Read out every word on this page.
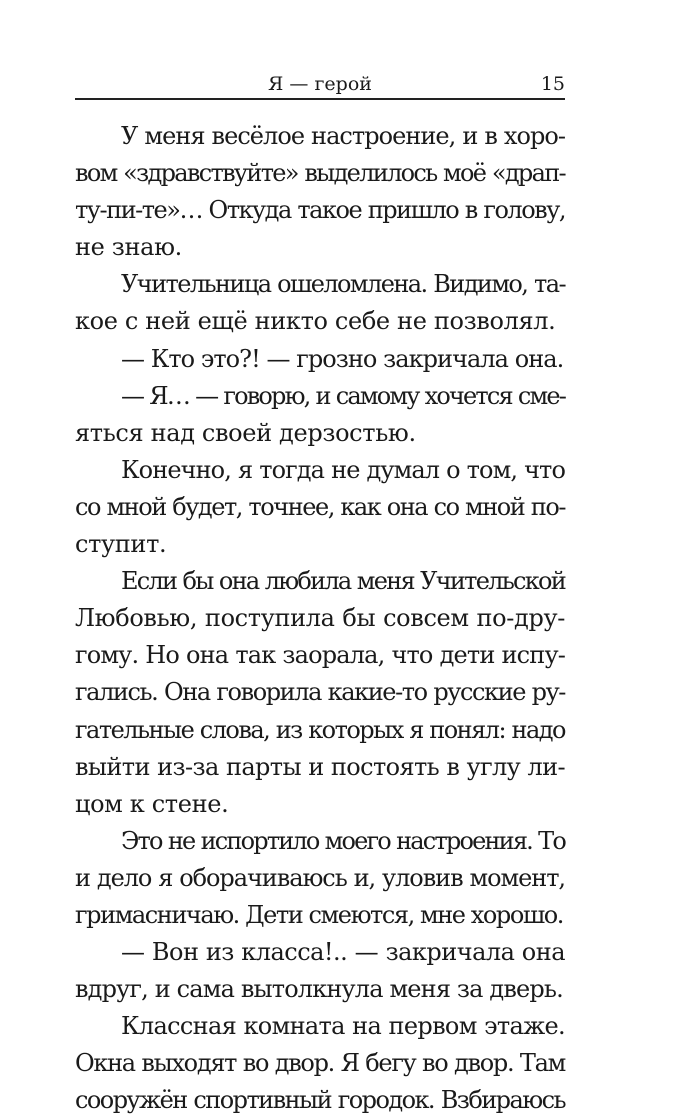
Я — герой	15
У меня весёлое настроение, и в хоро-
вом «здравствуйте» выделилось моё «драп-
ту-пи-те»… Откуда такое пришло в голову,
не знаю.
Учительница ошеломлена. Видимо, та-
кое с ней ещё никто себе не позволял.
— Кто это?! — грозно закричала она.
— Я… — говорю, и самому хочется сме-
яться над своей дерзостью.
Конечно, я тогда не думал о том, что
со мной будет, точнее, как она со мной по-
ступит.
Если бы она любила меня Учительской
Любовью, поступила бы совсем по-дру-
гому. Но она так заорала, что дети испу-
гались. Она говорила какие-то русские ру-
гательные слова, из которых я понял: надо
выйти из-за парты и постоять в углу ли-
цом к стене.
Это не испортило моего настроения. То
и дело я оборачиваюсь и, уловив момент,
гримасничаю. Дети смеются, мне хорошо.
— Вон из класса!.. — закричала она
вдруг, и сама вытолкнула меня за дверь.
Классная комната на первом этаже.
Окна выходят во двор. Я бегу во двор. Там
сооружён спортивный городок. Взбираюсь
